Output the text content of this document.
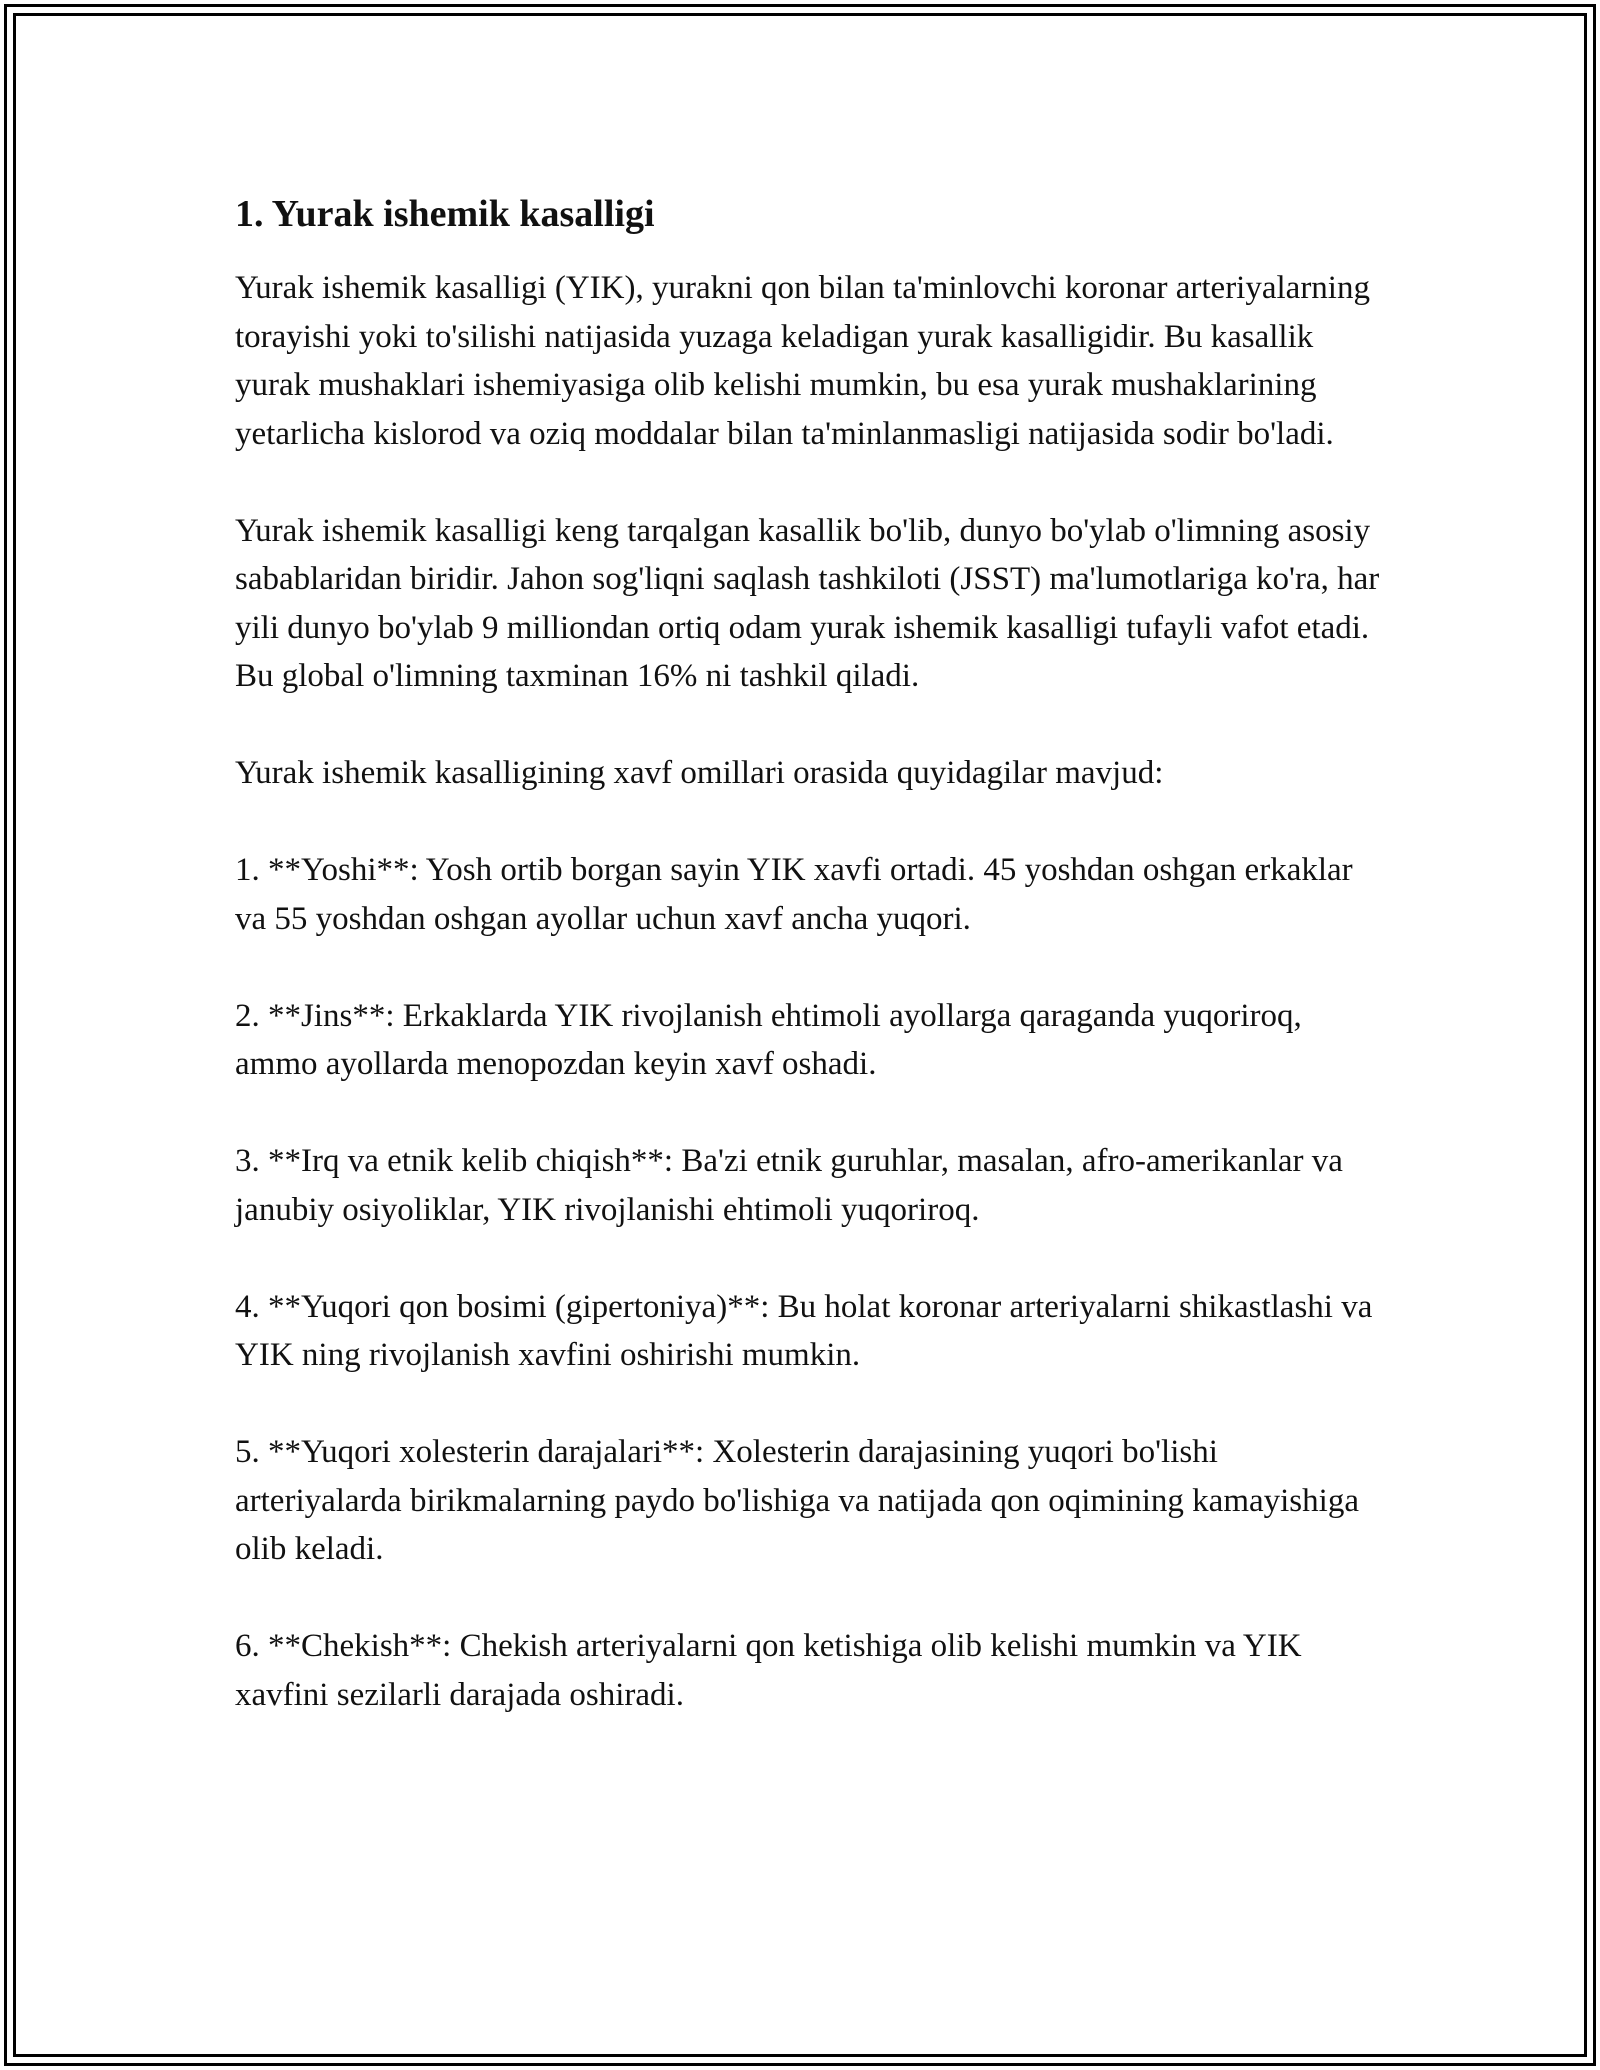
1. Yurak ishemik kasalligi

Yurak ishemik kasalligi (YIK), yurakni qon bilan ta'minlovchi koronar arteriyalarning torayishi yoki to'silishi natijasida yuzaga keladigan yurak kasalligidir. Bu kasallik yurak mushaklari ishemiyasiga olib kelishi mumkin, bu esa yurak mushaklarining yetarlicha kislorod va oziq moddalar bilan ta'minlanmasligi natijasida sodir bo'ladi.

Yurak ishemik kasalligi keng tarqalgan kasallik bo'lib, dunyo bo'ylab o'limning asosiy sabablaridan biridir. Jahon sog'liqni saqlash tashkiloti (JSST) ma'lumotlariga ko'ra, har yili dunyo bo'ylab 9 milliondan ortiq odam yurak ishemik kasalligi tufayli vafot etadi. Bu global o'limning taxminan 16% ni tashkil qiladi.

Yurak ishemik kasalligining xavf omillari orasida quyidagilar mavjud:

1. **Yoshi**: Yosh ortib borgan sayin YIK xavfi ortadi. 45 yoshdan oshgan erkaklar va 55 yoshdan oshgan ayollar uchun xavf ancha yuqori.

2. **Jins**: Erkaklarda YIK rivojlanish ehtimoli ayollarga qaraganda yuqoriroq, ammo ayollarda menopozdan keyin xavf oshadi.

3. **Irq va etnik kelib chiqish**: Ba'zi etnik guruhlar, masalan, afro-amerikanlar va janubiy osiyoliklar, YIK rivojlanishi ehtimoli yuqoriroq.

4. **Yuqori qon bosimi (gipertoniya)**: Bu holat koronar arteriyalarni shikastlashi va YIK ning rivojlanish xavfini oshirishi mumkin.

5. **Yuqori xolesterin darajalari**: Xolesterin darajasining yuqori bo'lishi arteriyalarda birikmalarning paydo bo'lishiga va natijada qon oqimining kamayishiga olib keladi.

6. **Chekish**: Chekish arteriyalarni qon ketishiga olib kelishi mumkin va YIK xavfini sezilarli darajada oshiradi.
